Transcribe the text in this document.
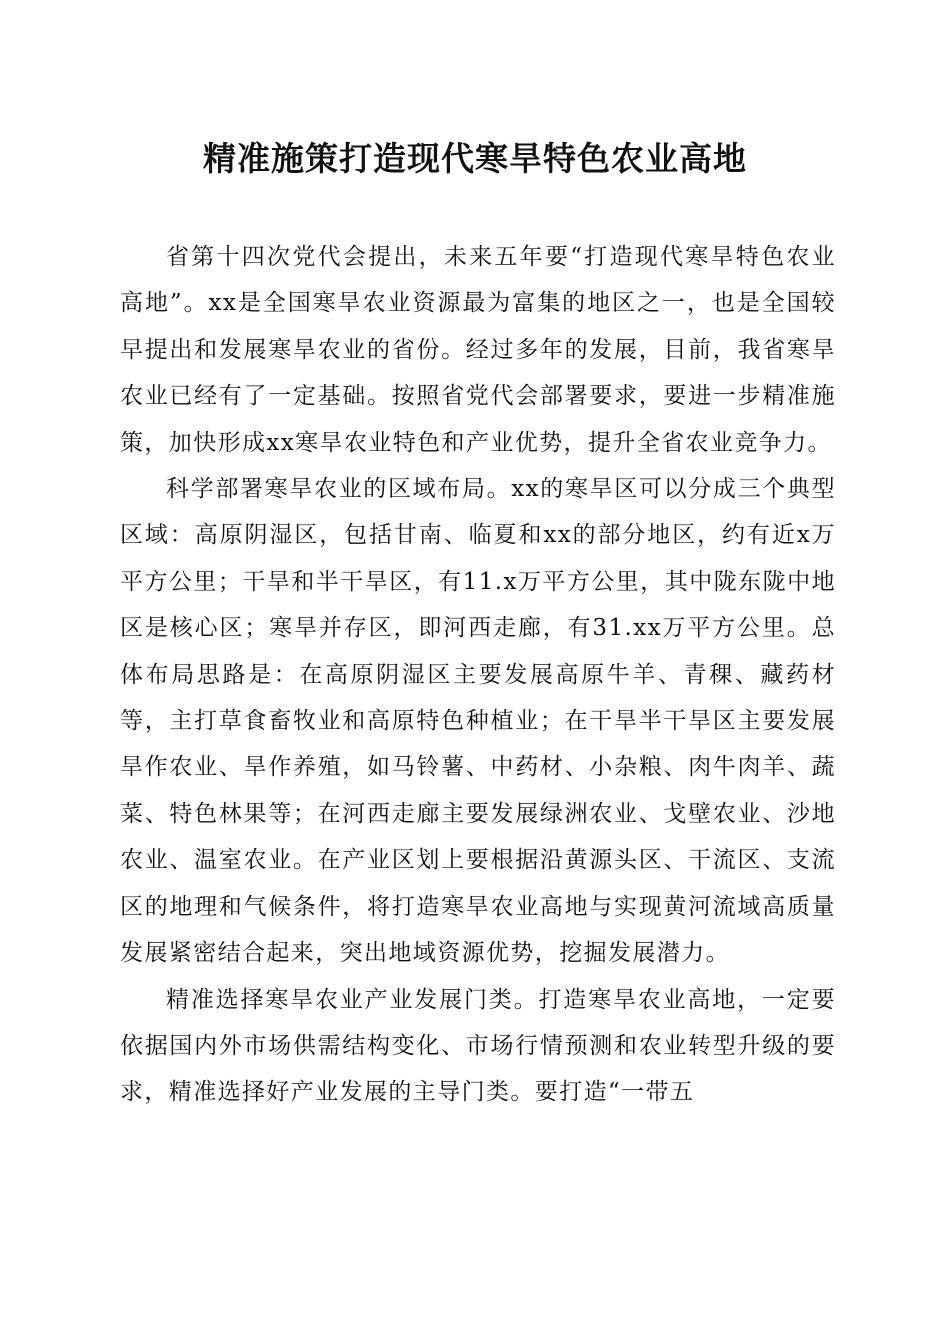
精准施策打造现代寒旱特色农业高地

省第十四次党代会提出，未来五年要“打造现代寒旱特色农业高地”。xx是全国寒旱农业资源最为富集的地区之一，也是全国较早提出和发展寒旱农业的省份。经过多年的发展，目前，我省寒旱农业已经有了一定基础。按照省党代会部署要求，要进一步精准施策，加快形成xx寒旱农业特色和产业优势，提升全省农业竞争力。

科学部署寒旱农业的区域布局。xx的寒旱区可以分成三个典型区域：高原阴湿区，包括甘南、临夏和xx的部分地区，约有近x万平方公里；干旱和半干旱区，有11.x万平方公里，其中陇东陇中地区是核心区；寒旱并存区，即河西走廊，有31.xx万平方公里。总体布局思路是：在高原阴湿区主要发展高原牛羊、青稞、藏药材等，主打草食畜牧业和高原特色种植业；在干旱半干旱区主要发展旱作农业、旱作养殖，如马铃薯、中药材、小杂粮、肉牛肉羊、蔬菜、特色林果等；在河西走廊主要发展绿洲农业、戈壁农业、沙地农业、温室农业。在产业区划上要根据沿黄源头区、干流区、支流区的地理和气候条件，将打造寒旱农业高地与实现黄河流域高质量发展紧密结合起来，突出地域资源优势，挖掘发展潜力。

精准选择寒旱农业产业发展门类。打造寒旱农业高地，一定要依据国内外市场供需结构变化、市场行情预测和农业转型升级的要求，精准选择好产业发展的主导门类。要打造“一带五
